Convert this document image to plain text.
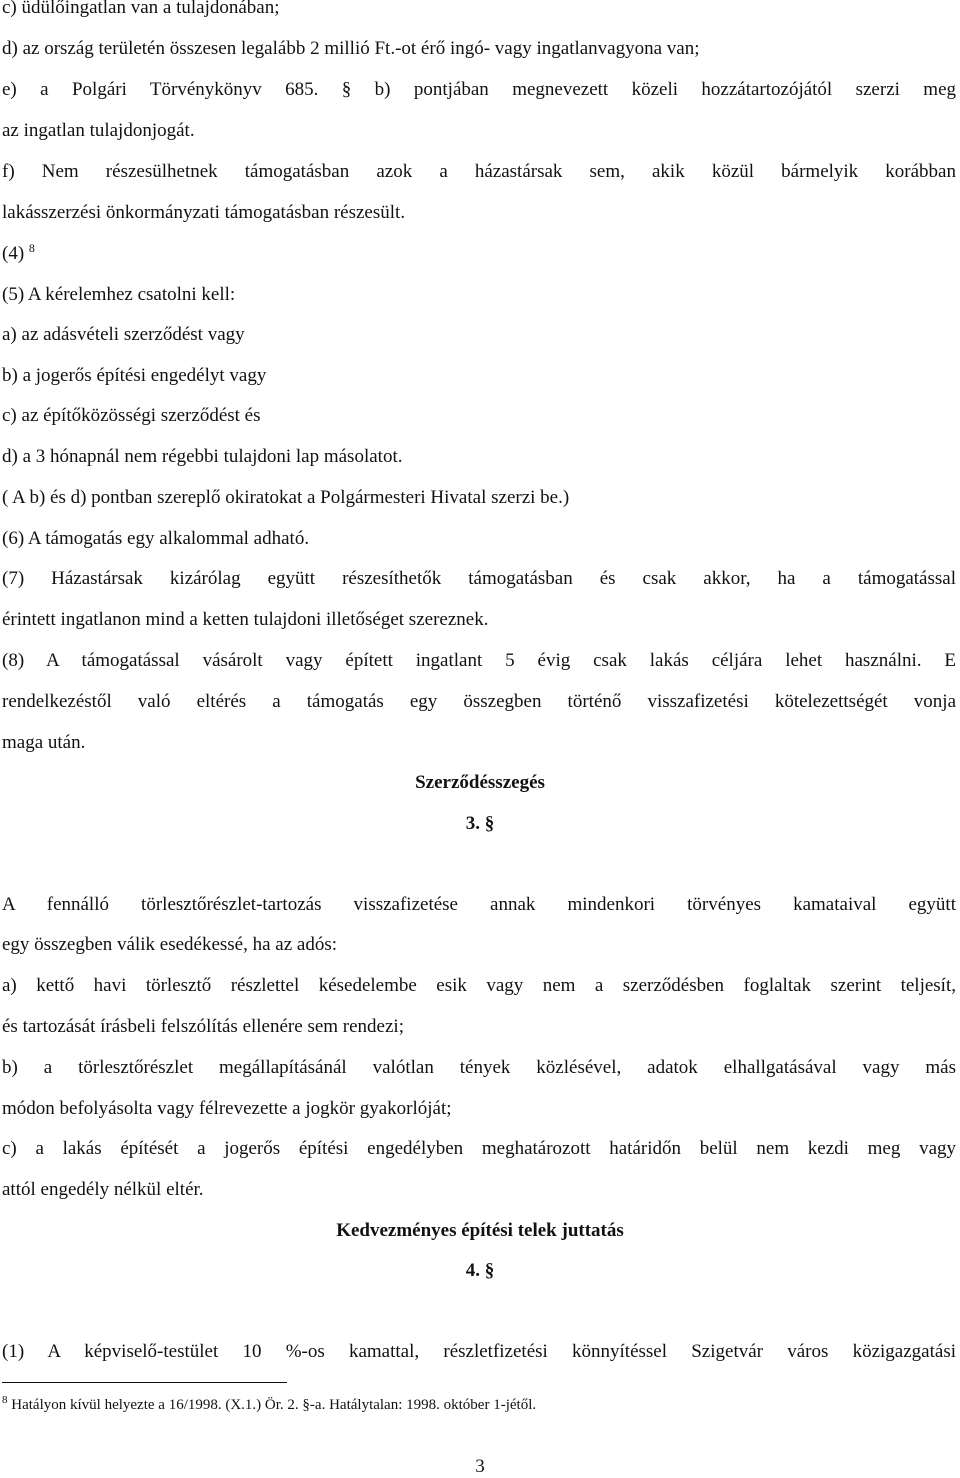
c) üdülőingatlan van a tulajdonában;
d) az ország területén összesen legalább 2 millió Ft.-ot érő ingó- vagy ingatlanvagyona van;
e) a Polgári Törvénykönyv 685. § b) pontjában megnevezett közeli hozzátartozójától szerzi meg
az ingatlan tulajdonjogát.
f) Nem részesülhetnek támogatásban azok a házastársak sem, akik közül bármelyik korábban
lakásszerzési önkormányzati támogatásban részesült.
(4) $^8$
(5) A kérelemhez csatolni kell:
a) az adásvételi szerződést vagy
b) a jogerős építési engedélyt vagy
c) az építőközösségi szerződést és
d) a 3 hónapnál nem régebbi tulajdoni lap másolatot.
( A b) és d) pontban szereplő okiratokat a Polgármesteri Hivatal szerzi be.)
(6) A támogatás egy alkalommal adható.
(7) Házastársak kizárólag együtt részesíthetők támogatásban és csak akkor, ha a támogatással
érintett ingatlanon mind a ketten tulajdoni illetőséget szereznek.
(8) A támogatással vásárolt vagy épített ingatlant 5 évig csak lakás céljára lehet használni. E
rendelkezéstől való eltérés a támogatás egy összegben történő visszafizetési kötelezettségét vonja
maga után.
Szerződésszegés
3. §
A fennálló törlesztőrészlet-tartozás visszafizetése annak mindenkori törvényes kamataival együtt
egy összegben válik esedékessé, ha az adós:
a) kettő havi törlesztő részlettel késedelembe esik vagy nem a szerződésben foglaltak szerint teljesít,
és tartozását írásbeli felszólítás ellenére sem rendezi;
b) a törlesztőrészlet megállapításánál valótlan tények közlésével, adatok elhallgatásával vagy más
módon befolyásolta vagy félrevezette a jogkör gyakorlóját;
c) a lakás építését a jogerős építési engedélyben meghatározott határidőn belül nem kezdi meg vagy
attól engedély nélkül eltér.
Kedvezményes építési telek juttatás
4. §
(1) A képviselő-testület 10 %-os kamattal, részletfizetési könnyítéssel Szigetvár város közigazgatási
$^8$ Hatályon kívül helyezte a 16/1998. (X.1.) Ör. 2. §-a. Hatálytalan: 1998. október 1-jétől.
3
